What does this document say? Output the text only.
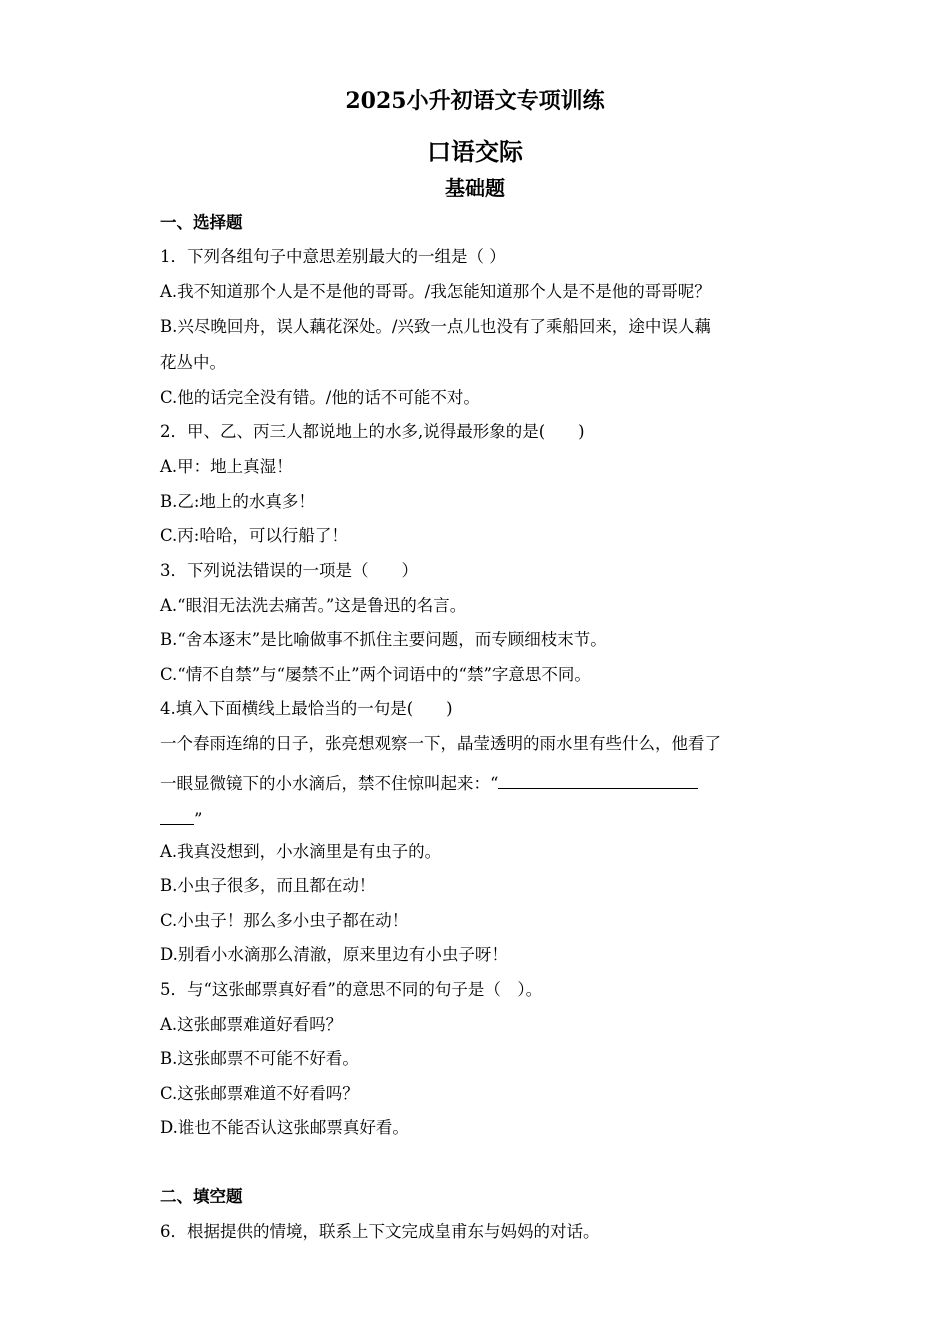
2025小升初语文专项训练
口语交际
基础题
一、选择题
1．下列各组句子中意思差别最大的一组是（ ）
A.我不知道那个人是不是他的哥哥。/我怎能知道那个人是不是他的哥哥呢？
B.兴尽晚回舟，误人藕花深处。/兴致一点儿也没有了乘船回来，途中误人藕
花丛中。
C.他的话完全没有错。/他的话不可能不对。
2．甲、乙、丙三人都说地上的水多,说得最形象的是(　　)
A.甲：地上真湿！
B.乙:地上的水真多！
C.丙:哈哈，可以行船了！
3．下列说法错误的一项是（　　）
A.“眼泪无法洗去痛苦。”这是鲁迅的名言。
B.“舍本逐末”是比喻做事不抓住主要问题，而专顾细枝末节。
C.“情不自禁”与“屡禁不止”两个词语中的“禁”字意思不同。
4.填入下面横线上最恰当的一句是(　　)
一个春雨连绵的日子，张亮想观察一下，晶莹透明的雨水里有些什么，他看了
一眼显微镜下的小水滴后，禁不住惊叫起来：“
”
A.我真没想到，小水滴里是有虫子的。
B.小虫子很多，而且都在动！
C.小虫子！那么多小虫子都在动！
D.别看小水滴那么清澈，原来里边有小虫子呀！
5．与“这张邮票真好看”的意思不同的句子是（　）。
A.这张邮票难道好看吗？
B.这张邮票不可能不好看。
C.这张邮票难道不好看吗？
D.谁也不能否认这张邮票真好看。
二、填空题
6．根据提供的情境，联系上下文完成皇甫东与妈妈的对话。
